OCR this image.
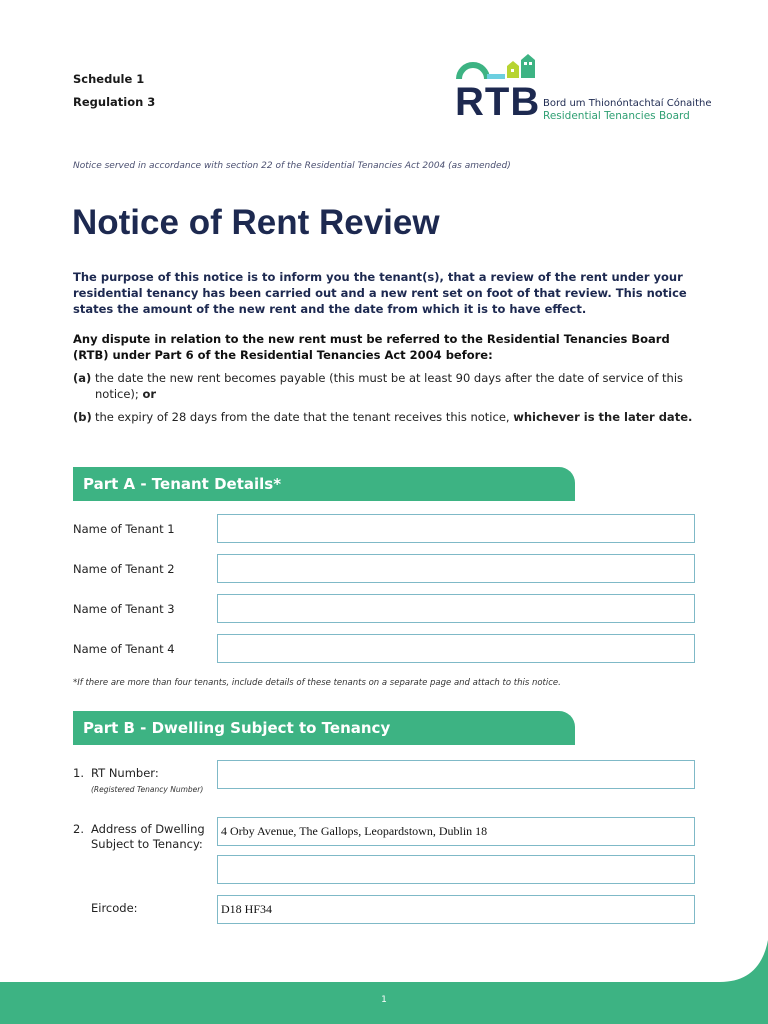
Schedule 1
Regulation 3	RTB Bord um Thionóntachtaí Cónaithe
Residential Tenancies Board
Notice served in accordance with section 22 of the Residential Tenancies Act 2004 (as amended)
Notice of Rent Review

The purpose of this notice is to inform you the tenant(s), that a review of the rent under your residential tenancy has been carried out and a new rent set on foot of that review. This notice states the amount of the new rent and the date from which it is to have effect.

Any dispute in relation to the new rent must be referred to the Residential Tenancies Board (RTB) under Part 6 of the Residential Tenancies Act 2004 before:

(a) the date the new rent becomes payable (this must be at least 90 days after the date of service of this notice); or
(b) the expiry of 28 days from the date that the tenant receives this notice, whichever is the later date.
Part A - Tenant Details*
Name of Tenant 1
Name of Tenant 2
Name of Tenant 3
Name of Tenant 4
*If there are more than four tenants, include details of these tenants on a separate page and attach to this notice.
Part B - Dwelling Subject to Tenancy
1. RT Number:
(Registered Tenancy Number)
2. Address of Dwelling
Subject to Tenancy:
4 Orby Avenue, The Gallops, Leopardstown, Dublin 18
Eircode:	D18 HF34
1
